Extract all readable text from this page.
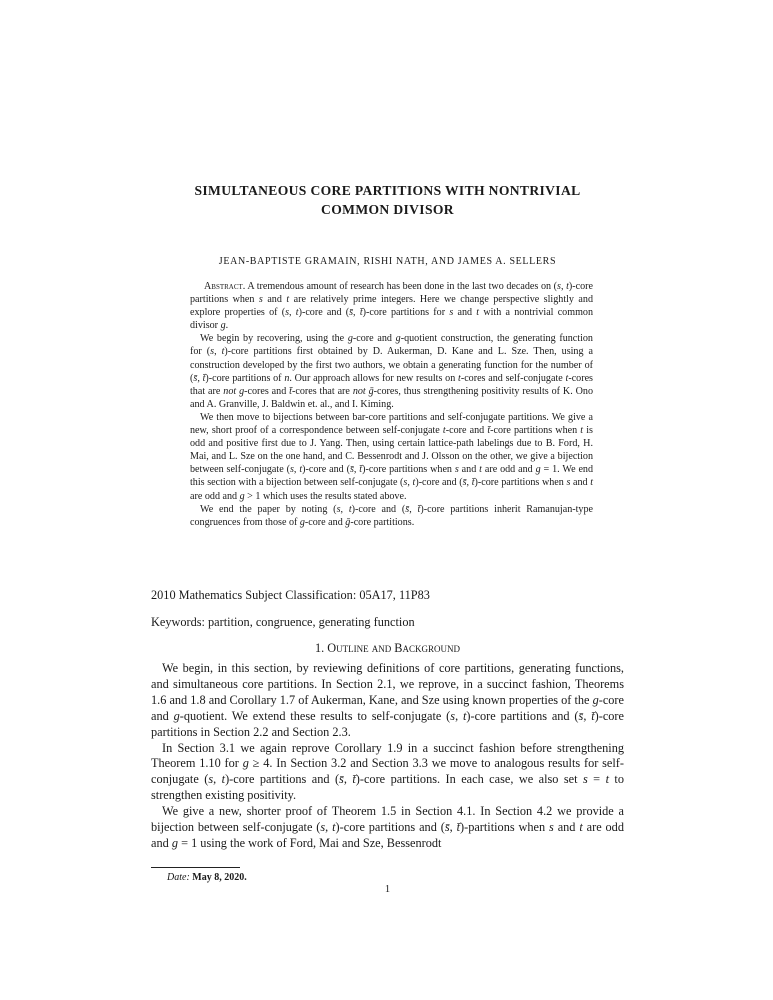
SIMULTANEOUS CORE PARTITIONS WITH NONTRIVIAL
COMMON DIVISOR
JEAN-BAPTISTE GRAMAIN, RISHI NATH, AND JAMES A. SELLERS

Abstract. A tremendous amount of research has been done in the last two decades on (s, t)-core partitions when s and t are relatively prime integers. Here we change perspective slightly and explore properties of (s, t)-core and (s̄, t̄)-core partitions for s and t with a nontrivial common divisor g.

We begin by recovering, using the g-core and g-quotient construction, the generating function for (s, t)-core partitions first obtained by D. Aukerman, D. Kane and L. Sze. Then, using a construction developed by the first two authors, we obtain a generating function for the number of (s̄, t̄)-core partitions of n. Our approach allows for new results on t-cores and self-conjugate t-cores that are not g-cores and t̄-cores that are not ḡ-cores, thus strengthening positivity results of K. Ono and A. Granville, J. Baldwin et. al., and I. Kiming.

We then move to bijections between bar-core partitions and self-conjugate partitions. We give a new, short proof of a correspondence between self-conjugate t-core and t̄-core partitions when t is odd and positive first due to J. Yang. Then, using certain lattice-path labelings due to B. Ford, H. Mai, and L. Sze on the one hand, and C. Bessenrodt and J. Olsson on the other, we give a bijection between self-conjugate (s, t)-core and (s̄, t̄)-core partitions when s and t are odd and g = 1. We end this section with a bijection between self-conjugate (s, t)-core and (s̄, t̄)-core partitions when s and t are odd and g > 1 which uses the results stated above.

We end the paper by noting (s, t)-core and (s̄, t̄)-core partitions inherit Ramanujan-type congruences from those of g-core and ḡ-core partitions.

2010 Mathematics Subject Classification: 05A17, 11P83
Keywords: partition, congruence, generating function
1. Outline and Background

We begin, in this section, by reviewing definitions of core partitions, generating functions, and simultaneous core partitions. In Section 2.1, we reprove, in a succinct fashion, Theorems 1.6 and 1.8 and Corollary 1.7 of Aukerman, Kane, and Sze using known properties of the g-core and g-quotient. We extend these results to self-conjugate (s, t)-core partitions and (s̄, t̄)-core partitions in Section 2.2 and Section 2.3.

In Section 3.1 we again reprove Corollary 1.9 in a succinct fashion before strengthening Theorem 1.10 for g ≥ 4. In Section 3.2 and Section 3.3 we move to analogous results for self-conjugate (s, t)-core partitions and (s̄, t̄)-core partitions. In each case, we also set s = t to strengthen existing positivity.

We give a new, shorter proof of Theorem 1.5 in Section 4.1. In Section 4.2 we provide a bijection between self-conjugate (s, t)-core partitions and (s̄, t̄)-partitions when s and t are odd and g = 1 using the work of Ford, Mai and Sze, Bessenrodt

Date: May 8, 2020.

1
